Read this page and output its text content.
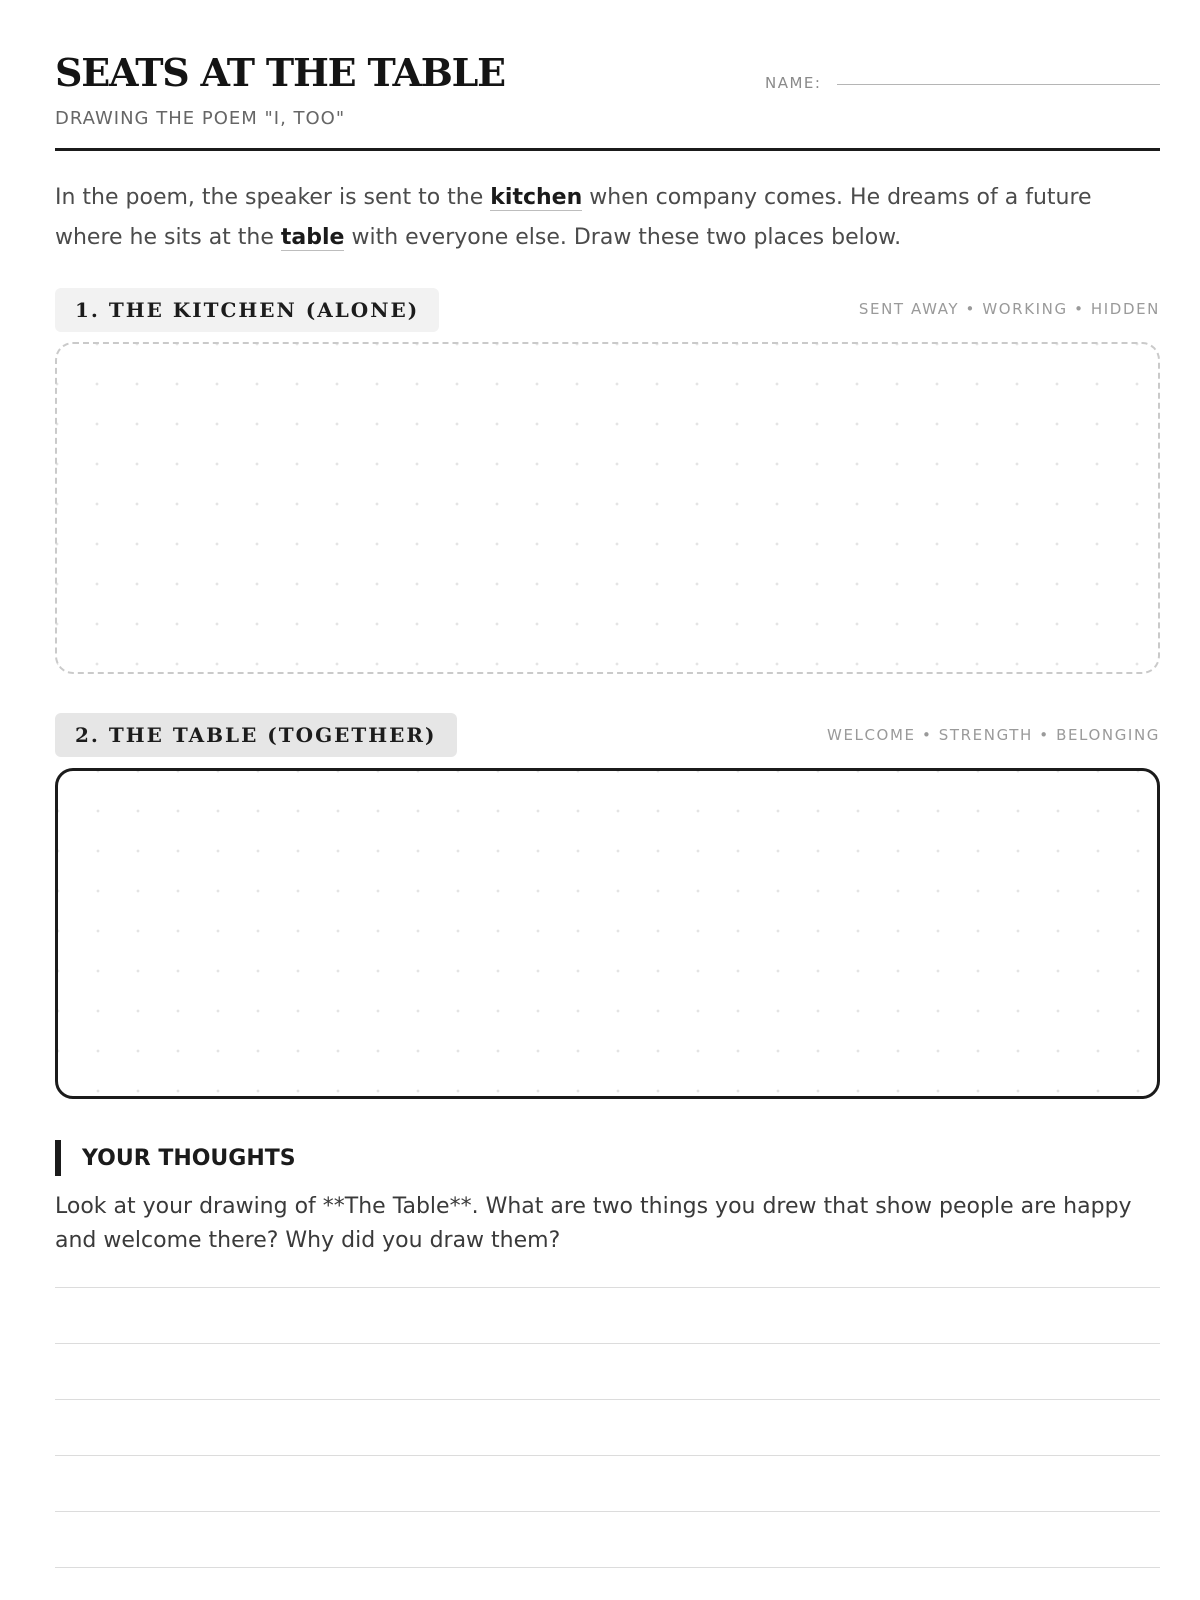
SEATS AT THE TABLE
DRAWING THE POEM "I, TOO"
NAME:

In the poem, the speaker is sent to the kitchen when company comes. He dreams of a future where he sits at the table with everyone else. Draw these two places below.

1. THE KITCHEN (ALONE)	SENT AWAY • WORKING • HIDDEN
2. THE TABLE (TOGETHER)	WELCOME • STRENGTH • BELONGING
YOUR THOUGHTS

Look at your drawing of **The Table**. What are two things you drew that show people are happy and welcome there? Why did you draw them?
